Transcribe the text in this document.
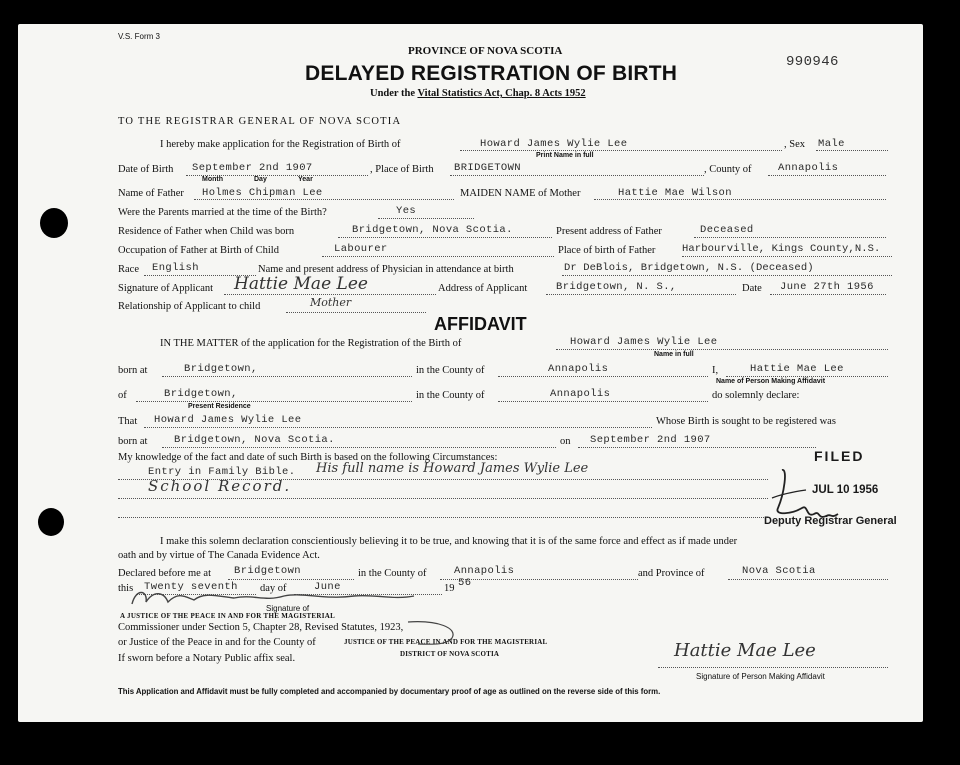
V.S. Form 3
PROVINCE OF NOVA SCOTIA
DELAYED REGISTRATION OF BIRTH
Under the Vital Statistics Act, Chap. 8 Acts 1952
990946
TO THE REGISTRAR GENERAL OF NOVA SCOTIA
I hereby make application for the Registration of Birth of	Howard James Wylie Lee	, Sex Male
Print Name in full
Date of Birth September 2nd 1907
Month	Day	Year
, Place of Birth BRIDGETOWN	, County of	Annapolis
Name of Father Holmes Chipman Lee	MAIDEN NAME of Mother	Hattie Mae Wilson
Were the Parents married at the time of the Birth?	Yes
Residence of Father when Child was born	Bridgetown, Nova Scotia.	Present address of Father	Deceased
Occupation of Father at Birth of Child	Labourer	Place of birth of Father	Harbourville, Kings County,N.S.
Race English	Name and present address of Physician in attendance at birth	Dr DeBlois, Bridgetown, N.S. (Deceased)
Signature of Applicant Hattie Mae Lee	Address of Applicant	Bridgetown, N. S.,	Date June 27th 1956
Relationship of Applicant to child	Mother
AFFIDAVIT
IN THE MATTER of the application for the Registration of the Birth of	Howard James Wylie Lee
Name in full
born at	Bridgetown,	in the County of	Annapolis	I,	Hattie Mae Lee
Name of Person Making Affidavit
of	Bridgetown,
Present Residence
in the County of	Annapolis	do solemnly declare:
That Howard James Wylie Lee	Whose Birth is sought to be registered was
born at	Bridgetown, Nova Scotia.	on September 2nd 1907
My knowledge of the fact and date of such Birth is based on the following Circumstances:
Entry in Family Bible. His full name is Howard James Wylie Lee
School Record.
FILED
JUL 10 1956
Deputy Registrar General
I make this solemn declaration conscientiously believing it to be true, and knowing that it is of the same force and effect as if made under
oath and by virtue of The Canada Evidence Act.
Declared before me at Bridgetown	in the County of	Annapolis	and Province of	Nova Scotia
this Twenty seventh day of	June	19 56
A JUSTICE OF THE PEACE IN AND FOR THE MAGISTERIAL
Signature of
Commissioner under Section 5, Chapter 28, Revised Statutes, 1923,
or Justice of the Peace in and for the County of	JUSTICE OF THE PEACE IN AND FOR THE MAGISTERIAL
DISTRICT OF NOVA SCOTIA
If sworn before a Notary Public affix seal.	Hattie Mae Lee
Signature of Person Making Affidavit
This Application and Affidavit must be fully completed and accompanied by documentary proof of age as outlined on the reverse side of this form.
